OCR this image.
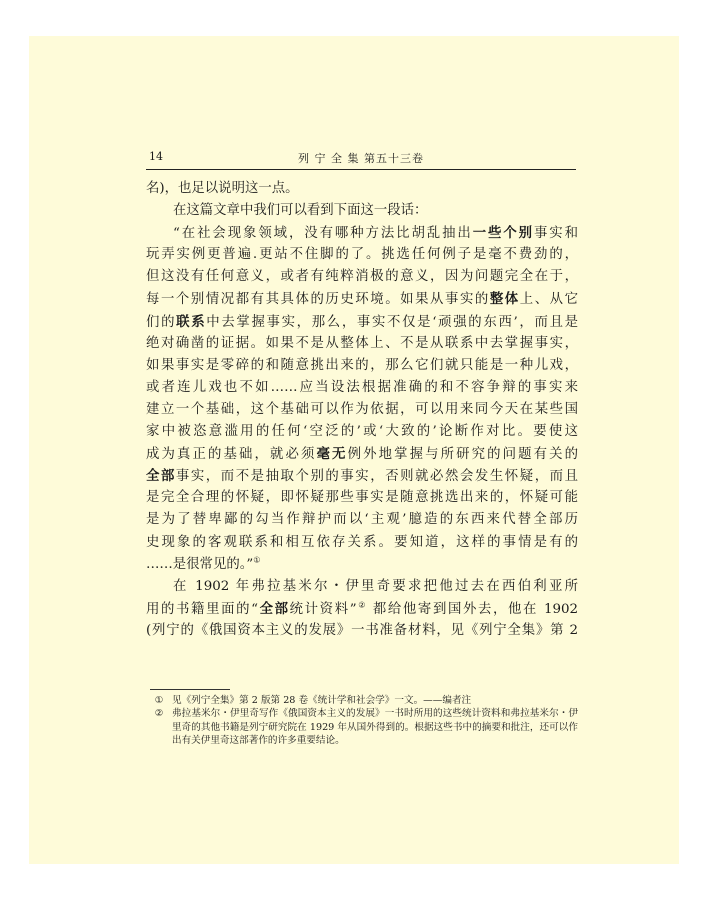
14	列 宁 全 集 第五十三卷
名)，也足以说明这一点。
在这篇文章中我们可以看到下面这一段话：
“在社会现象领域，没有哪种方法比胡乱抽出一些个别事实和
玩弄实例更普遍.更站不住脚的了。挑选任何例子是毫不费劲的，
但这没有任何意义，或者有纯粹消极的意义，因为问题完全在于，
每一个别情况都有其具体的历史环境。如果从事实的整体上、从它
们的联系中去掌握事实，那么，事实不仅是‘顽强的东西’，而且是
绝对确凿的证据。如果不是从整体上、不是从联系中去掌握事实，
如果事实是零碎的和随意挑出来的，那么它们就只能是一种儿戏，
或者连儿戏也不如……应当设法根据准确的和不容争辩的事实来
建立一个基础，这个基础可以作为依据，可以用来同今天在某些国
家中被恣意滥用的任何‘空泛的’或‘大致的’论断作对比。要使这
成为真正的基础，就必须毫无例外地掌握与所研究的问题有关的
全部事实，而不是抽取个别的事实，否则就必然会发生怀疑，而且
是完全合理的怀疑，即怀疑那些事实是随意挑选出来的，怀疑可能
是为了替卑鄙的勾当作辩护而以‘主观’臆造的东西来代替全部历
史现象的客观联系和相互依存关系。要知道，这样的事情是有的
……是很常见的。”①
在 1902 年弗拉基米尔・伊里奇要求把他过去在西伯利亚所
用的书籍里面的“全部统计资料”② 都给他寄到国外去，他在 1902
(列宁的《俄国资本主义的发展》一书准备材料，见《列宁全集》第 2
① 见《列宁全集》第 2 版第 28 卷《统计学和社会学》一文。——编者注
② 弗拉基米尔・伊里奇写作《俄国资本主义的发展》一书时所用的这些统计资料和弗拉基米尔・伊里奇的其他书籍是列宁研究院在 1929 年从国外得到的。根据这些书中的摘要和批注，还可以作出有关伊里奇这部著作的许多重要结论。
